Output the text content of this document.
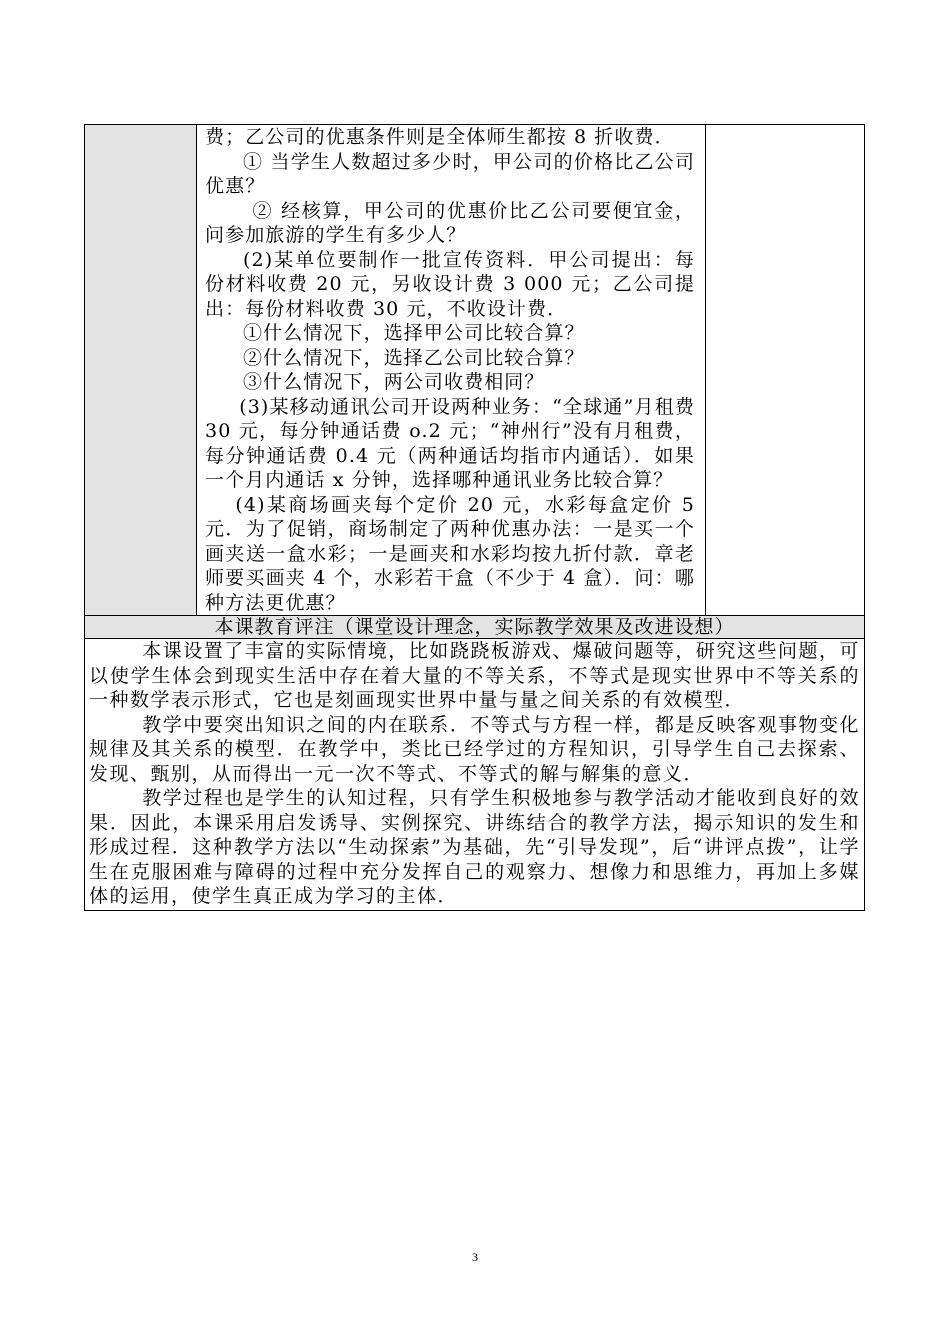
费；乙公司的优惠条件则是全体师生都按 8 折收费．

① 当学生人数超过多少时，甲公司的价格比乙公司优惠？

② 经核算，甲公司的优惠价比乙公司要便宜金，问参加旅游的学生有多少人？

(2)某单位要制作一批宣传资料．甲公司提出：每份材料收费 20 元，另收设计费 3 000 元；乙公司提出：每份材料收费 30 元，不收设计费．

①什么情况下，选择甲公司比较合算？

②什么情况下，选择乙公司比较合算？

③什么情况下，两公司收费相同？

(3)某移动通讯公司开设两种业务：“全球通”月租费 30 元，每分钟通话费 o.2 元；“神州行”没有月租费，每分钟通话费 0.4 元（两种通话均指市内通话）．如果一个月内通话 x 分钟，选择哪种通讯业务比较合算？

(4)某商场画夹每个定价 20 元，水彩每盒定价 5 元．为了促销，商场制定了两种优惠办法：一是买一个画夹送一盒水彩；一是画夹和水彩均按九折付款．章老师要买画夹 4 个，水彩若干盒（不少于 4 盒）．问：哪种方法更优惠？

本课教育评注（课堂设计理念，实际教学效果及改进设想）

本课设置了丰富的实际情境，比如跷跷板游戏、爆破问题等，研究这些问题，可以使学生体会到现实生活中存在着大量的不等关系，不等式是现实世界中不等关系的一种数学表示形式，它也是刻画现实世界中量与量之间关系的有效模型．

教学中要突出知识之间的内在联系．不等式与方程一样，都是反映客观事物变化规律及其关系的模型．在教学中，类比已经学过的方程知识，引导学生自己去探索、发现、甄别，从而得出一元一次不等式、不等式的解与解集的意义．

教学过程也是学生的认知过程，只有学生积极地参与教学活动才能收到良好的效果．因此，本课采用启发诱导、实例探究、讲练结合的教学方法，揭示知识的发生和形成过程．这种教学方法以“生动探索”为基础，先“引导发现”，后“讲评点拨”，让学生在克服困难与障碍的过程中充分发挥自己的观察力、想像力和思维力，再加上多媒体的运用，使学生真正成为学习的主体．

3
